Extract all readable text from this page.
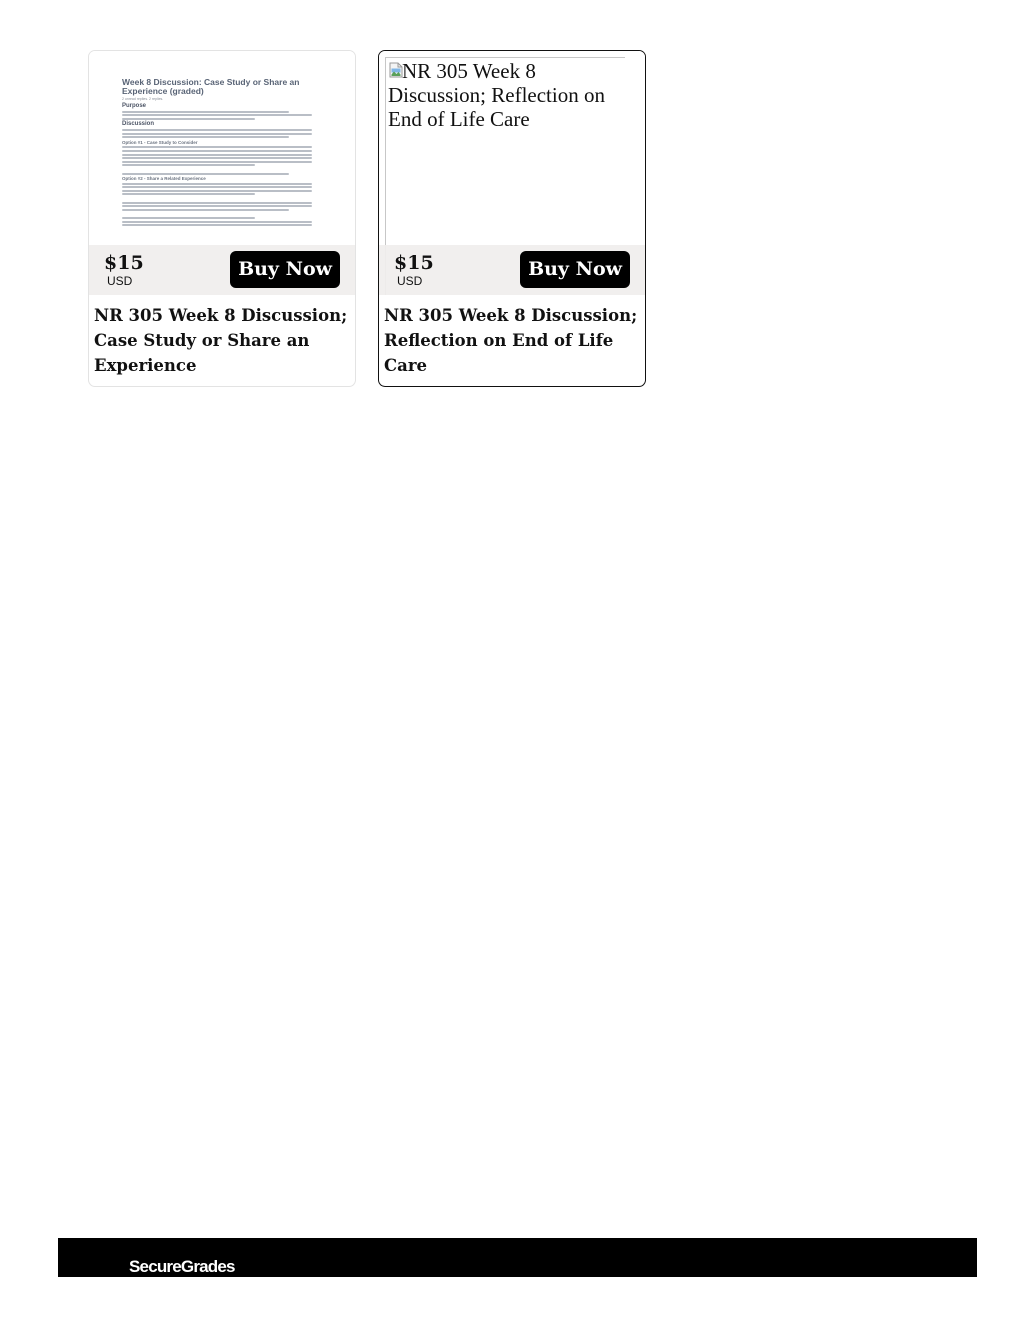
Week 8 Discussion: Case Study or Share an Experience (graded)
2 unread replies. 2 replies.
Purpose
Discussion
Option #1 - Case Study to Consider
Option #2 - Share a Related Experience
$15
USD
Buy Now
NR 305 Week 8 Discussion; Case Study or Share an Experience
NR 305 Week 8 Discussion; Reflection on End of Life Care
$15
USD
Buy Now
NR 305 Week 8 Discussion; Reflection on End of Life Care
SecureGrades
